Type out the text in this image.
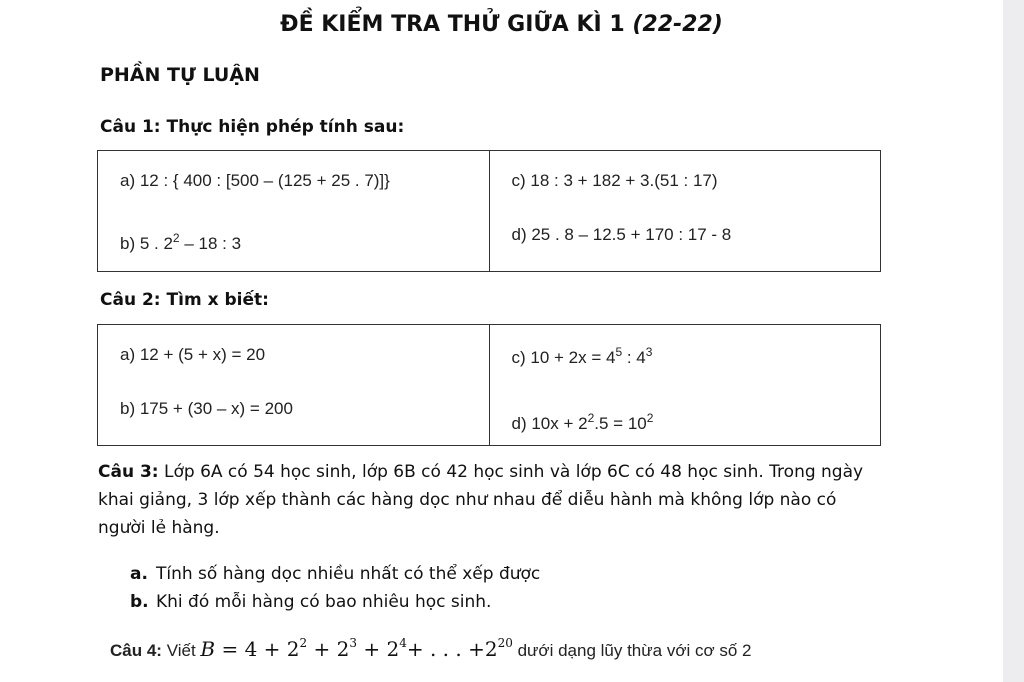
ĐỀ KIỂM TRA THỬ GIỮA KÌ 1 (22-22)
PHẦN TỰ LUẬN
Câu 1: Thực hiện phép tính sau:
a) 12 : { 400 : [500 – (125 + 25 . 7)]}
b) 5 . $2^2 - 18$ : 3

c) 18 : 3 + 182 + 3.(51 : 17)
d) 25 . 8 – 12.5 + 170 : 17 - 8
Câu 2: Tìm x biết:
a) 12 + (5 + x) = 20
b) 175 + (30 – x) = 200

c) $10 + 2x = 4^5$ : $4^3$
d) $10x + 2^2.5 = 10^2$
Câu 3: Lớp 6A có 54 học sinh, lớp 6B có 42 học sinh và lớp 6C có 48 học sinh. Trong ngày khai giảng, 3 lớp xếp thành các hàng dọc như nhau để diễu hành mà không lớp nào có người lẻ hàng.
a. Tính số hàng dọc nhiều nhất có thể xếp được
b. Khi đó mỗi hàng có bao nhiêu học sinh.
Câu 4: Viết $B = 4 + 2^2 + 2^3 + 2^4+$ . . . $+2^{20}$ dưới dạng lũy thừa với cơ số 2
